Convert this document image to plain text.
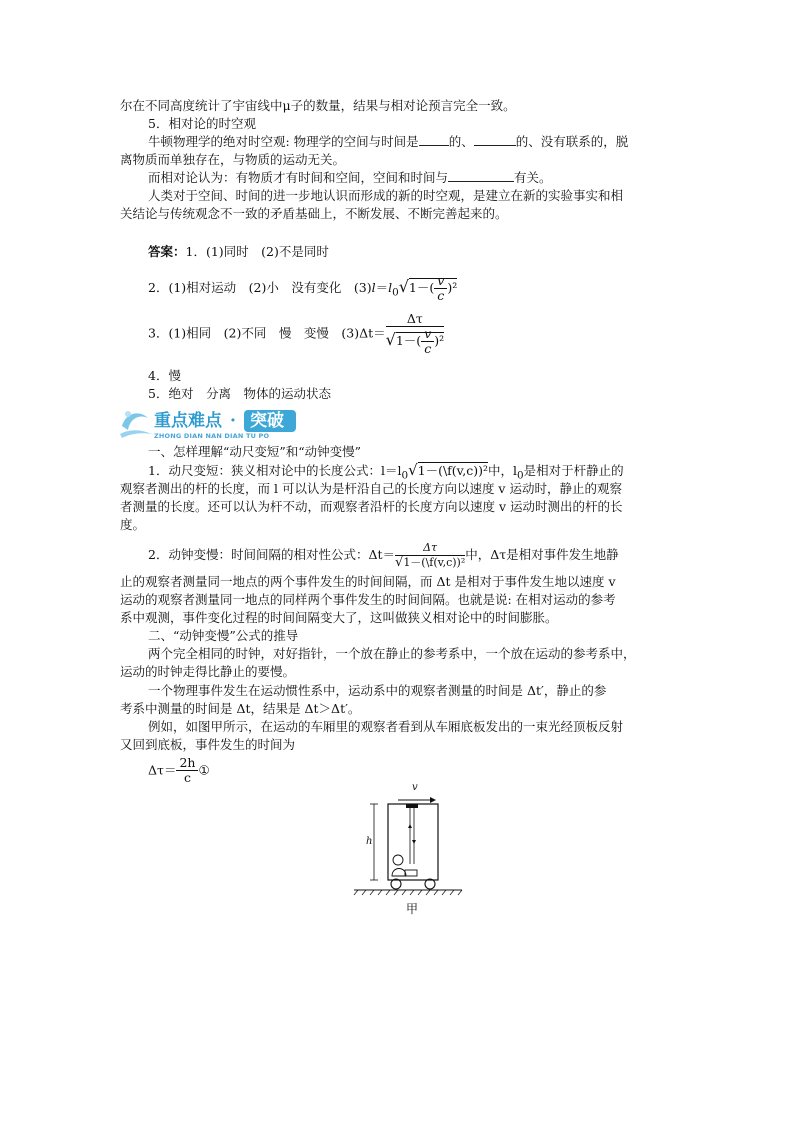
尔在不同高度统计了宇宙线中μ子的数量，结果与相对论预言完全一致。
5．相对论的时空观
牛顿物理学的绝对时空观: 物理学的空间与时间是 的、	的、没有联系的，脱
离物质而单独存在，与物质的运动无关。
而相对论认为：有物质才有时间和空间，空间和时间与	有关。
人类对于空间、时间的进一步地认识而形成的新的时空观，是建立在新的实验事实和相
关结论与传统观念不一致的矛盾基础上，不断发展、不断完善起来的。
答案：1．(1)同时　(2)不是同时
2．(1)相对运动　(2)小　没有变化　$(3)l=l_0√1-( \frac{v}{c} )^2$
3．(1)相同　(2)不同　慢　变慢　$(3)\Delta t= \frac{\Delta\tau}{√1-( \frac{v}{c} )^2}$
4．慢
5．绝对　分离　物体的运动状态
重点难点 · 突破
ZHONG DIAN NAN DIAN TU PO
一、怎样理解“动尺变短”和“动钟变慢”
1．动尺变短：狭义相对论中的长度公式：$l=l_0√1-(\backslash f(v,c))^2$中，$l_0$是相对于杆静止的
观察者测出的杆的长度，而 l 可以认为是杆沿自己的长度方向以速度 v 运动时，静止的观察
者测量的长度。还可以认为杆不动，而观察者沿杆的长度方向以速度 v 运动时测出的杆的长
度。
2．动钟变慢：时间间隔的相对性公式：$\Delta t= \frac{\Delta\tau}{\text{√1－(\textbackslash{}f(v,c))²}}$ 中，Δτ是相对事件发生地静
止的观察者测量同一地点的两个事件发生的时间间隔，而 Δt 是相对于事件发生地以速度 v
运动的观察者测量同一地点的同样两个事件发生的时间间隔。也就是说: 在相对运动的参考
系中观测，事件变化过程的时间间隔变大了，这叫做狭义相对论中的时间膨胀。
二、“动钟变慢”公式的推导
两个完全相同的时钟，对好指针，一个放在静止的参考系中，一个放在运动的参考系中，
运动的时钟走得比静止的要慢。
一个物理事件发生在运动惯性系中，运动系中的观察者测量的时间是 Δt′，静止的参
考系中测量的时间是 Δt，结果是 Δt＞Δt′。
例如，如图甲所示，在运动的车厢里的观察者看到从车厢底板发出的一束光经顶板反射
又回到底板，事件发生的时间为
$\Delta\tau= \frac{2h}{c}$ ①
v
h
甲
